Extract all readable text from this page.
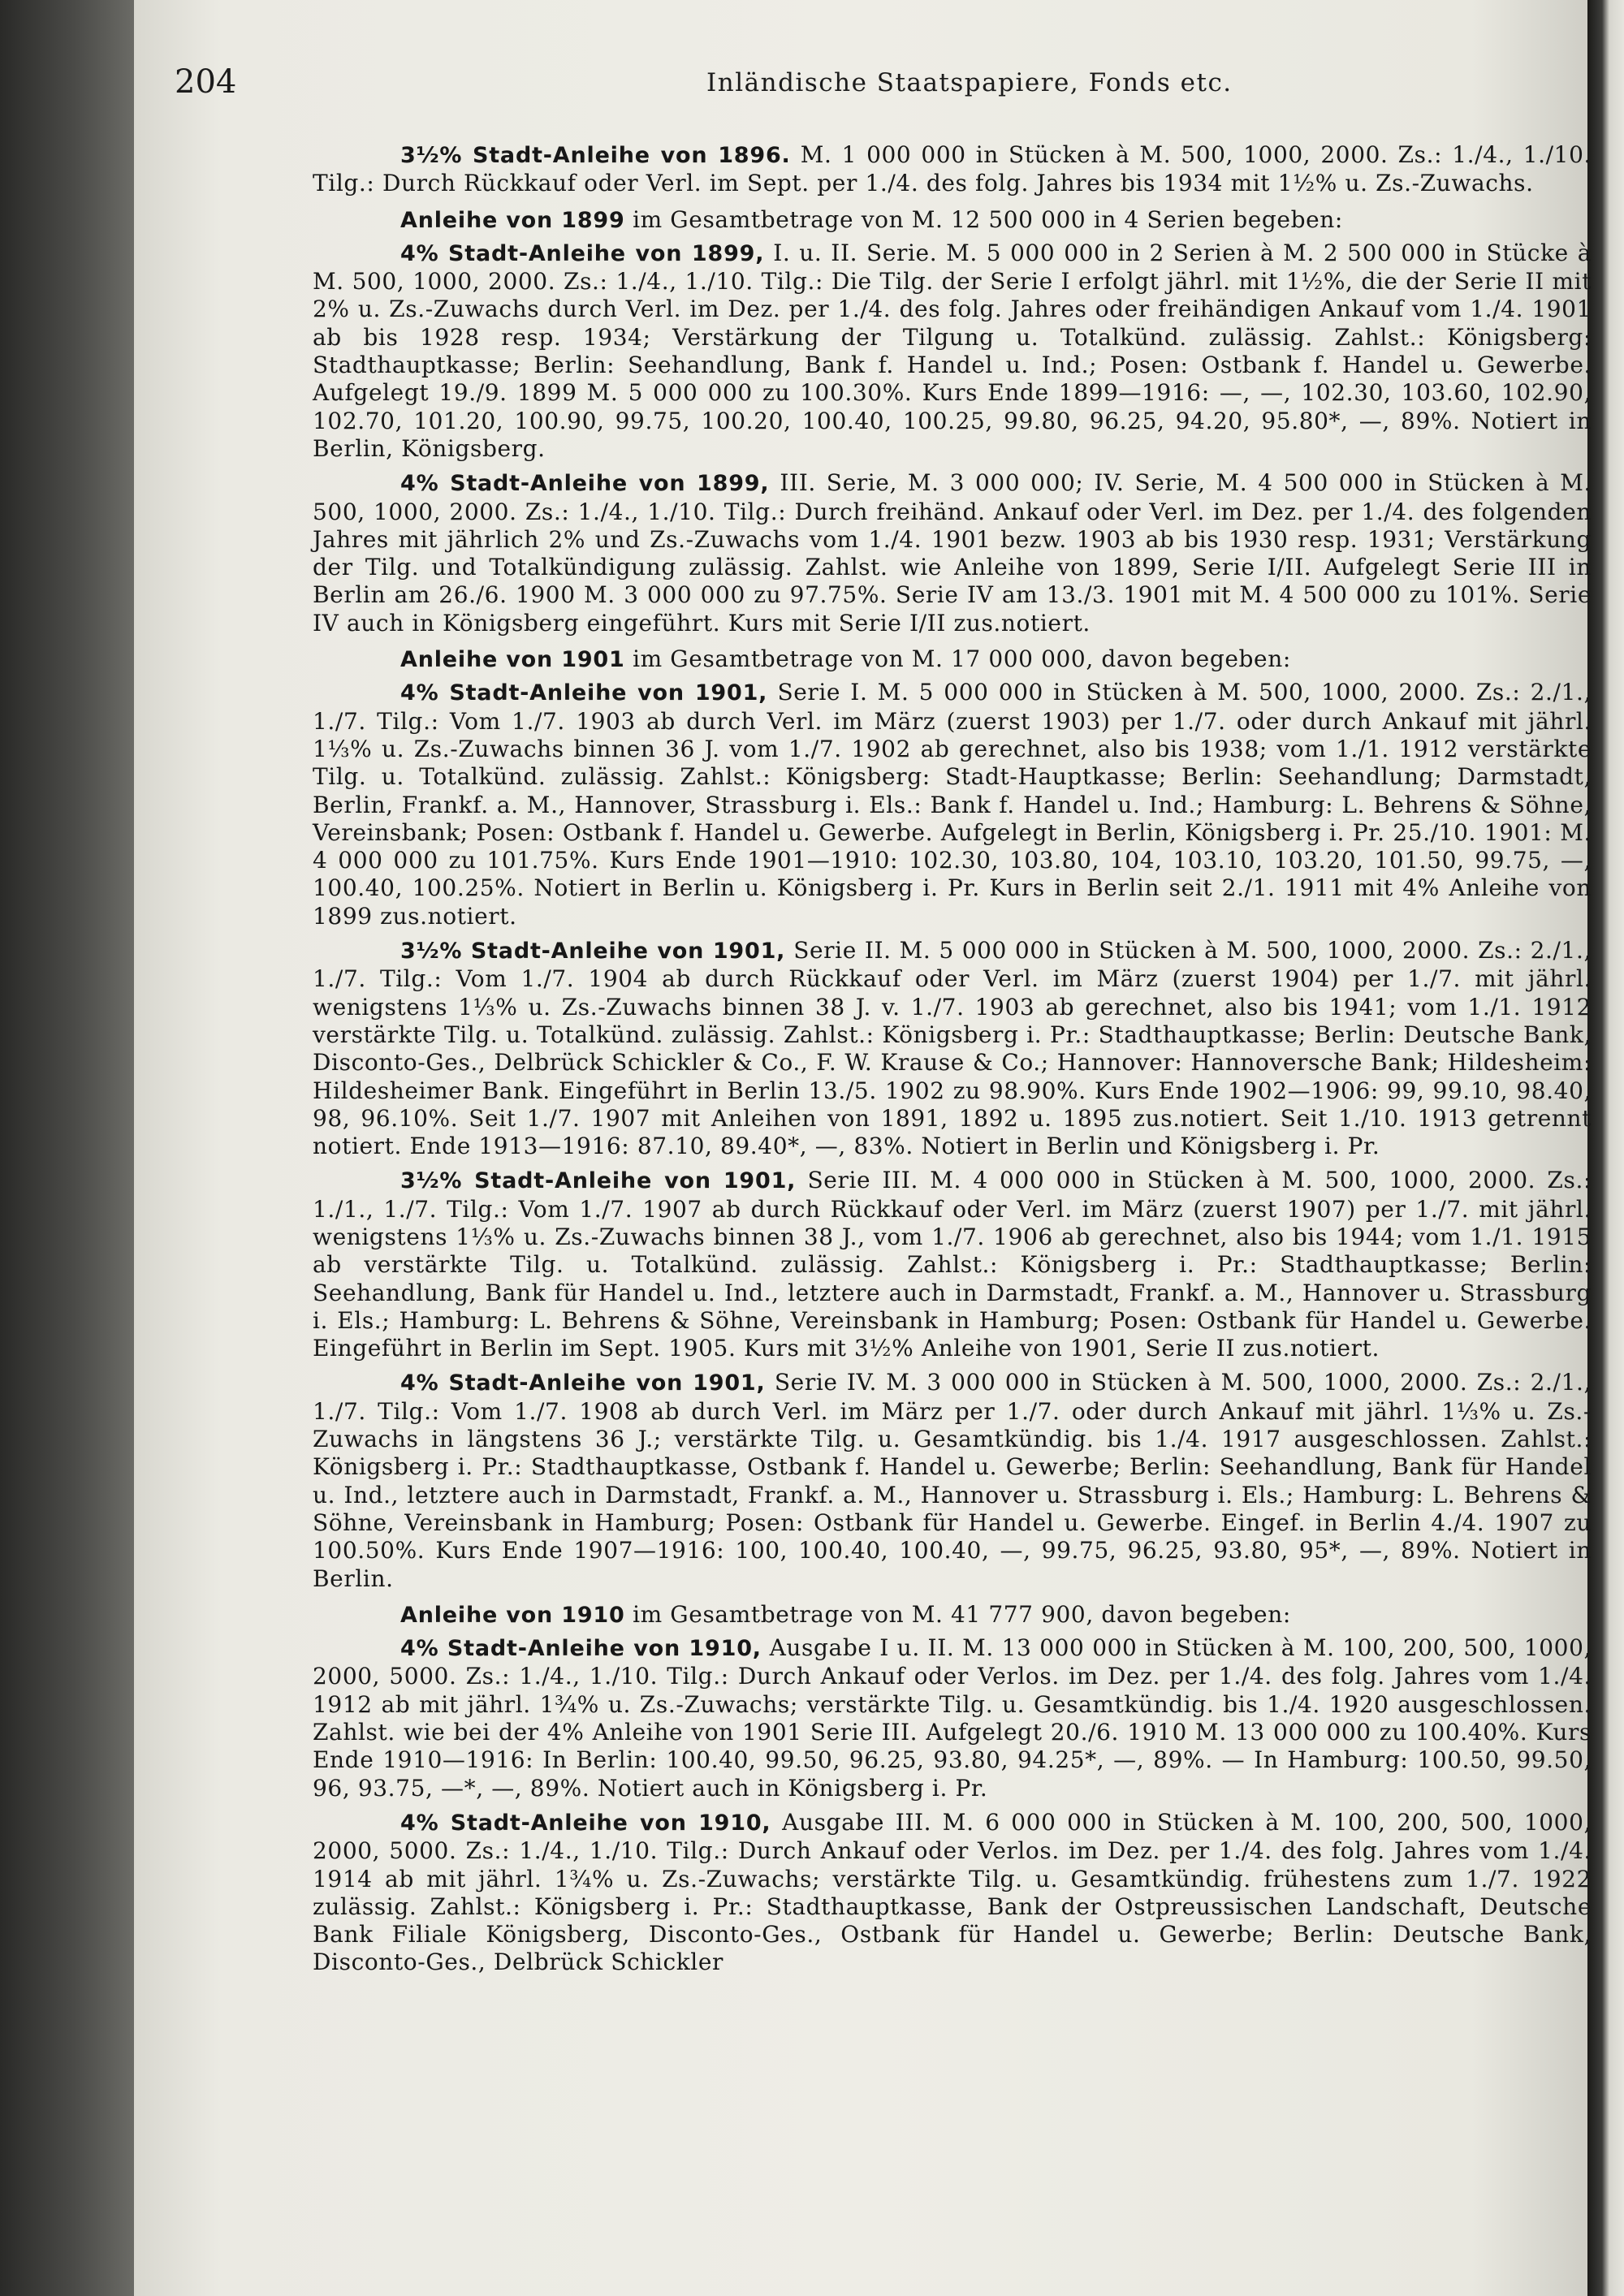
204	Inländische Staatspapiere, Fonds etc.

3½% Stadt-Anleihe von 1896. M. 1 000 000 in Stücken à M. 500, 1000, 2000. Zs.: 1./4., 1./10. Tilg.: Durch Rückkauf oder Verl. im Sept. per 1./4. des folg. Jahres bis 1934 mit 1½% u. Zs.-Zuwachs.

Anleihe von 1899 im Gesamtbetrage von M. 12 500 000 in 4 Serien begeben:

4% Stadt-Anleihe von 1899, I. u. II. Serie. M. 5 000 000 in 2 Serien à M. 2 500 000 in Stücke à M. 500, 1000, 2000. Zs.: 1./4., 1./10. Tilg.: Die Tilg. der Serie I erfolgt jährl. mit 1½%, die der Serie II mit 2% u. Zs.-Zuwachs durch Verl. im Dez. per 1./4. des folg. Jahres oder freihändigen Ankauf vom 1./4. 1901 ab bis 1928 resp. 1934; Verstärkung der Tilgung u. Totalkünd. zulässig. Zahlst.: Königsberg: Stadthauptkasse; Berlin: Seehandlung, Bank f. Handel u. Ind.; Posen: Ostbank f. Handel u. Gewerbe. Aufgelegt 19./9. 1899 M. 5 000 000 zu 100.30%. Kurs Ende 1899—1916: —, —, 102.30, 103.60, 102.90, 102.70, 101.20, 100.90, 99.75, 100.20, 100.40, 100.25, 99.80, 96.25, 94.20, 95.80*, —, 89%. Notiert in Berlin, Königsberg.

4% Stadt-Anleihe von 1899, III. Serie, M. 3 000 000; IV. Serie, M. 4 500 000 in Stücken à M. 500, 1000, 2000. Zs.: 1./4., 1./10. Tilg.: Durch freihänd. Ankauf oder Verl. im Dez. per 1./4. des folgenden Jahres mit jährlich 2% und Zs.-Zuwachs vom 1./4. 1901 bezw. 1903 ab bis 1930 resp. 1931; Verstärkung der Tilg. und Totalkündigung zulässig. Zahlst. wie Anleihe von 1899, Serie I/II. Aufgelegt Serie III in Berlin am 26./6. 1900 M. 3 000 000 zu 97.75%. Serie IV am 13./3. 1901 mit M. 4 500 000 zu 101%. Serie IV auch in Königsberg eingeführt. Kurs mit Serie I/II zus.notiert.

Anleihe von 1901 im Gesamtbetrage von M. 17 000 000, davon begeben:

4% Stadt-Anleihe von 1901, Serie I. M. 5 000 000 in Stücken à M. 500, 1000, 2000. Zs.: 2./1., 1./7. Tilg.: Vom 1./7. 1903 ab durch Verl. im März (zuerst 1903) per 1./7. oder durch Ankauf mit jährl. 1⅓% u. Zs.-Zuwachs binnen 36 J. vom 1./7. 1902 ab gerechnet, also bis 1938; vom 1./1. 1912 verstärkte Tilg. u. Totalkünd. zulässig. Zahlst.: Königsberg: Stadt-Hauptkasse; Berlin: Seehandlung; Darmstadt, Berlin, Frankf. a. M., Hannover, Strassburg i. Els.: Bank f. Handel u. Ind.; Hamburg: L. Behrens & Söhne, Vereinsbank; Posen: Ostbank f. Handel u. Gewerbe. Aufgelegt in Berlin, Königsberg i. Pr. 25./10. 1901: M. 4 000 000 zu 101.75%. Kurs Ende 1901—1910: 102.30, 103.80, 104, 103.10, 103.20, 101.50, 99.75, —, 100.40, 100.25%. Notiert in Berlin u. Königsberg i. Pr. Kurs in Berlin seit 2./1. 1911 mit 4% Anleihe von 1899 zus.notiert.

3½% Stadt-Anleihe von 1901, Serie II. M. 5 000 000 in Stücken à M. 500, 1000, 2000. Zs.: 2./1., 1./7. Tilg.: Vom 1./7. 1904 ab durch Rückkauf oder Verl. im März (zuerst 1904) per 1./7. mit jährl. wenigstens 1⅓% u. Zs.-Zuwachs binnen 38 J. v. 1./7. 1903 ab gerechnet, also bis 1941; vom 1./1. 1912 verstärkte Tilg. u. Totalkünd. zulässig. Zahlst.: Königsberg i. Pr.: Stadthauptkasse; Berlin: Deutsche Bank, Disconto-Ges., Delbrück Schickler & Co., F. W. Krause & Co.; Hannover: Hannoversche Bank; Hildesheim: Hildesheimer Bank. Eingeführt in Berlin 13./5. 1902 zu 98.90%. Kurs Ende 1902—1906: 99, 99.10, 98.40, 98, 96.10%. Seit 1./7. 1907 mit Anleihen von 1891, 1892 u. 1895 zus.notiert. Seit 1./10. 1913 getrennt notiert. Ende 1913—1916: 87.10, 89.40*, —, 83%. Notiert in Berlin und Königsberg i. Pr.

3½% Stadt-Anleihe von 1901, Serie III. M. 4 000 000 in Stücken à M. 500, 1000, 2000. Zs.: 1./1., 1./7. Tilg.: Vom 1./7. 1907 ab durch Rückkauf oder Verl. im März (zuerst 1907) per 1./7. mit jährl. wenigstens 1⅓% u. Zs.-Zuwachs binnen 38 J., vom 1./7. 1906 ab gerechnet, also bis 1944; vom 1./1. 1915 ab verstärkte Tilg. u. Totalkünd. zulässig. Zahlst.: Königsberg i. Pr.: Stadthauptkasse; Berlin: Seehandlung, Bank für Handel u. Ind., letztere auch in Darmstadt, Frankf. a. M., Hannover u. Strassburg i. Els.; Hamburg: L. Behrens & Söhne, Vereinsbank in Hamburg; Posen: Ostbank für Handel u. Gewerbe. Eingeführt in Berlin im Sept. 1905. Kurs mit 3½% Anleihe von 1901, Serie II zus.notiert.

4% Stadt-Anleihe von 1901, Serie IV. M. 3 000 000 in Stücken à M. 500, 1000, 2000. Zs.: 2./1., 1./7. Tilg.: Vom 1./7. 1908 ab durch Verl. im März per 1./7. oder durch Ankauf mit jährl. 1⅓% u. Zs.-Zuwachs in längstens 36 J.; verstärkte Tilg. u. Gesamtkündig. bis 1./4. 1917 ausgeschlossen. Zahlst.: Königsberg i. Pr.: Stadthauptkasse, Ostbank f. Handel u. Gewerbe; Berlin: Seehandlung, Bank für Handel u. Ind., letztere auch in Darmstadt, Frankf. a. M., Hannover u. Strassburg i. Els.; Hamburg: L. Behrens & Söhne, Vereinsbank in Hamburg; Posen: Ostbank für Handel u. Gewerbe. Eingef. in Berlin 4./4. 1907 zu 100.50%. Kurs Ende 1907—1916: 100, 100.40, 100.40, —, 99.75, 96.25, 93.80, 95*, —, 89%. Notiert in Berlin.

Anleihe von 1910 im Gesamtbetrage von M. 41 777 900, davon begeben:

4% Stadt-Anleihe von 1910, Ausgabe I u. II. M. 13 000 000 in Stücken à M. 100, 200, 500, 1000, 2000, 5000. Zs.: 1./4., 1./10. Tilg.: Durch Ankauf oder Verlos. im Dez. per 1./4. des folg. Jahres vom 1./4. 1912 ab mit jährl. 1¾% u. Zs.-Zuwachs; verstärkte Tilg. u. Gesamtkündig. bis 1./4. 1920 ausgeschlossen. Zahlst. wie bei der 4% Anleihe von 1901 Serie III. Aufgelegt 20./6. 1910 M. 13 000 000 zu 100.40%. Kurs Ende 1910—1916: In Berlin: 100.40, 99.50, 96.25, 93.80, 94.25*, —, 89%. — In Hamburg: 100.50, 99.50, 96, 93.75, —*, —, 89%. Notiert auch in Königsberg i. Pr.

4% Stadt-Anleihe von 1910, Ausgabe III. M. 6 000 000 in Stücken à M. 100, 200, 500, 1000, 2000, 5000. Zs.: 1./4., 1./10. Tilg.: Durch Ankauf oder Verlos. im Dez. per 1./4. des folg. Jahres vom 1./4. 1914 ab mit jährl. 1¾% u. Zs.-Zuwachs; verstärkte Tilg. u. Gesamtkündig. frühestens zum 1./7. 1922 zulässig. Zahlst.: Königsberg i. Pr.: Stadthauptkasse, Bank der Ostpreussischen Landschaft, Deutsche Bank Filiale Königsberg, Disconto-Ges., Ostbank für Handel u. Gewerbe; Berlin: Deutsche Bank, Disconto-Ges., Delbrück Schickler
